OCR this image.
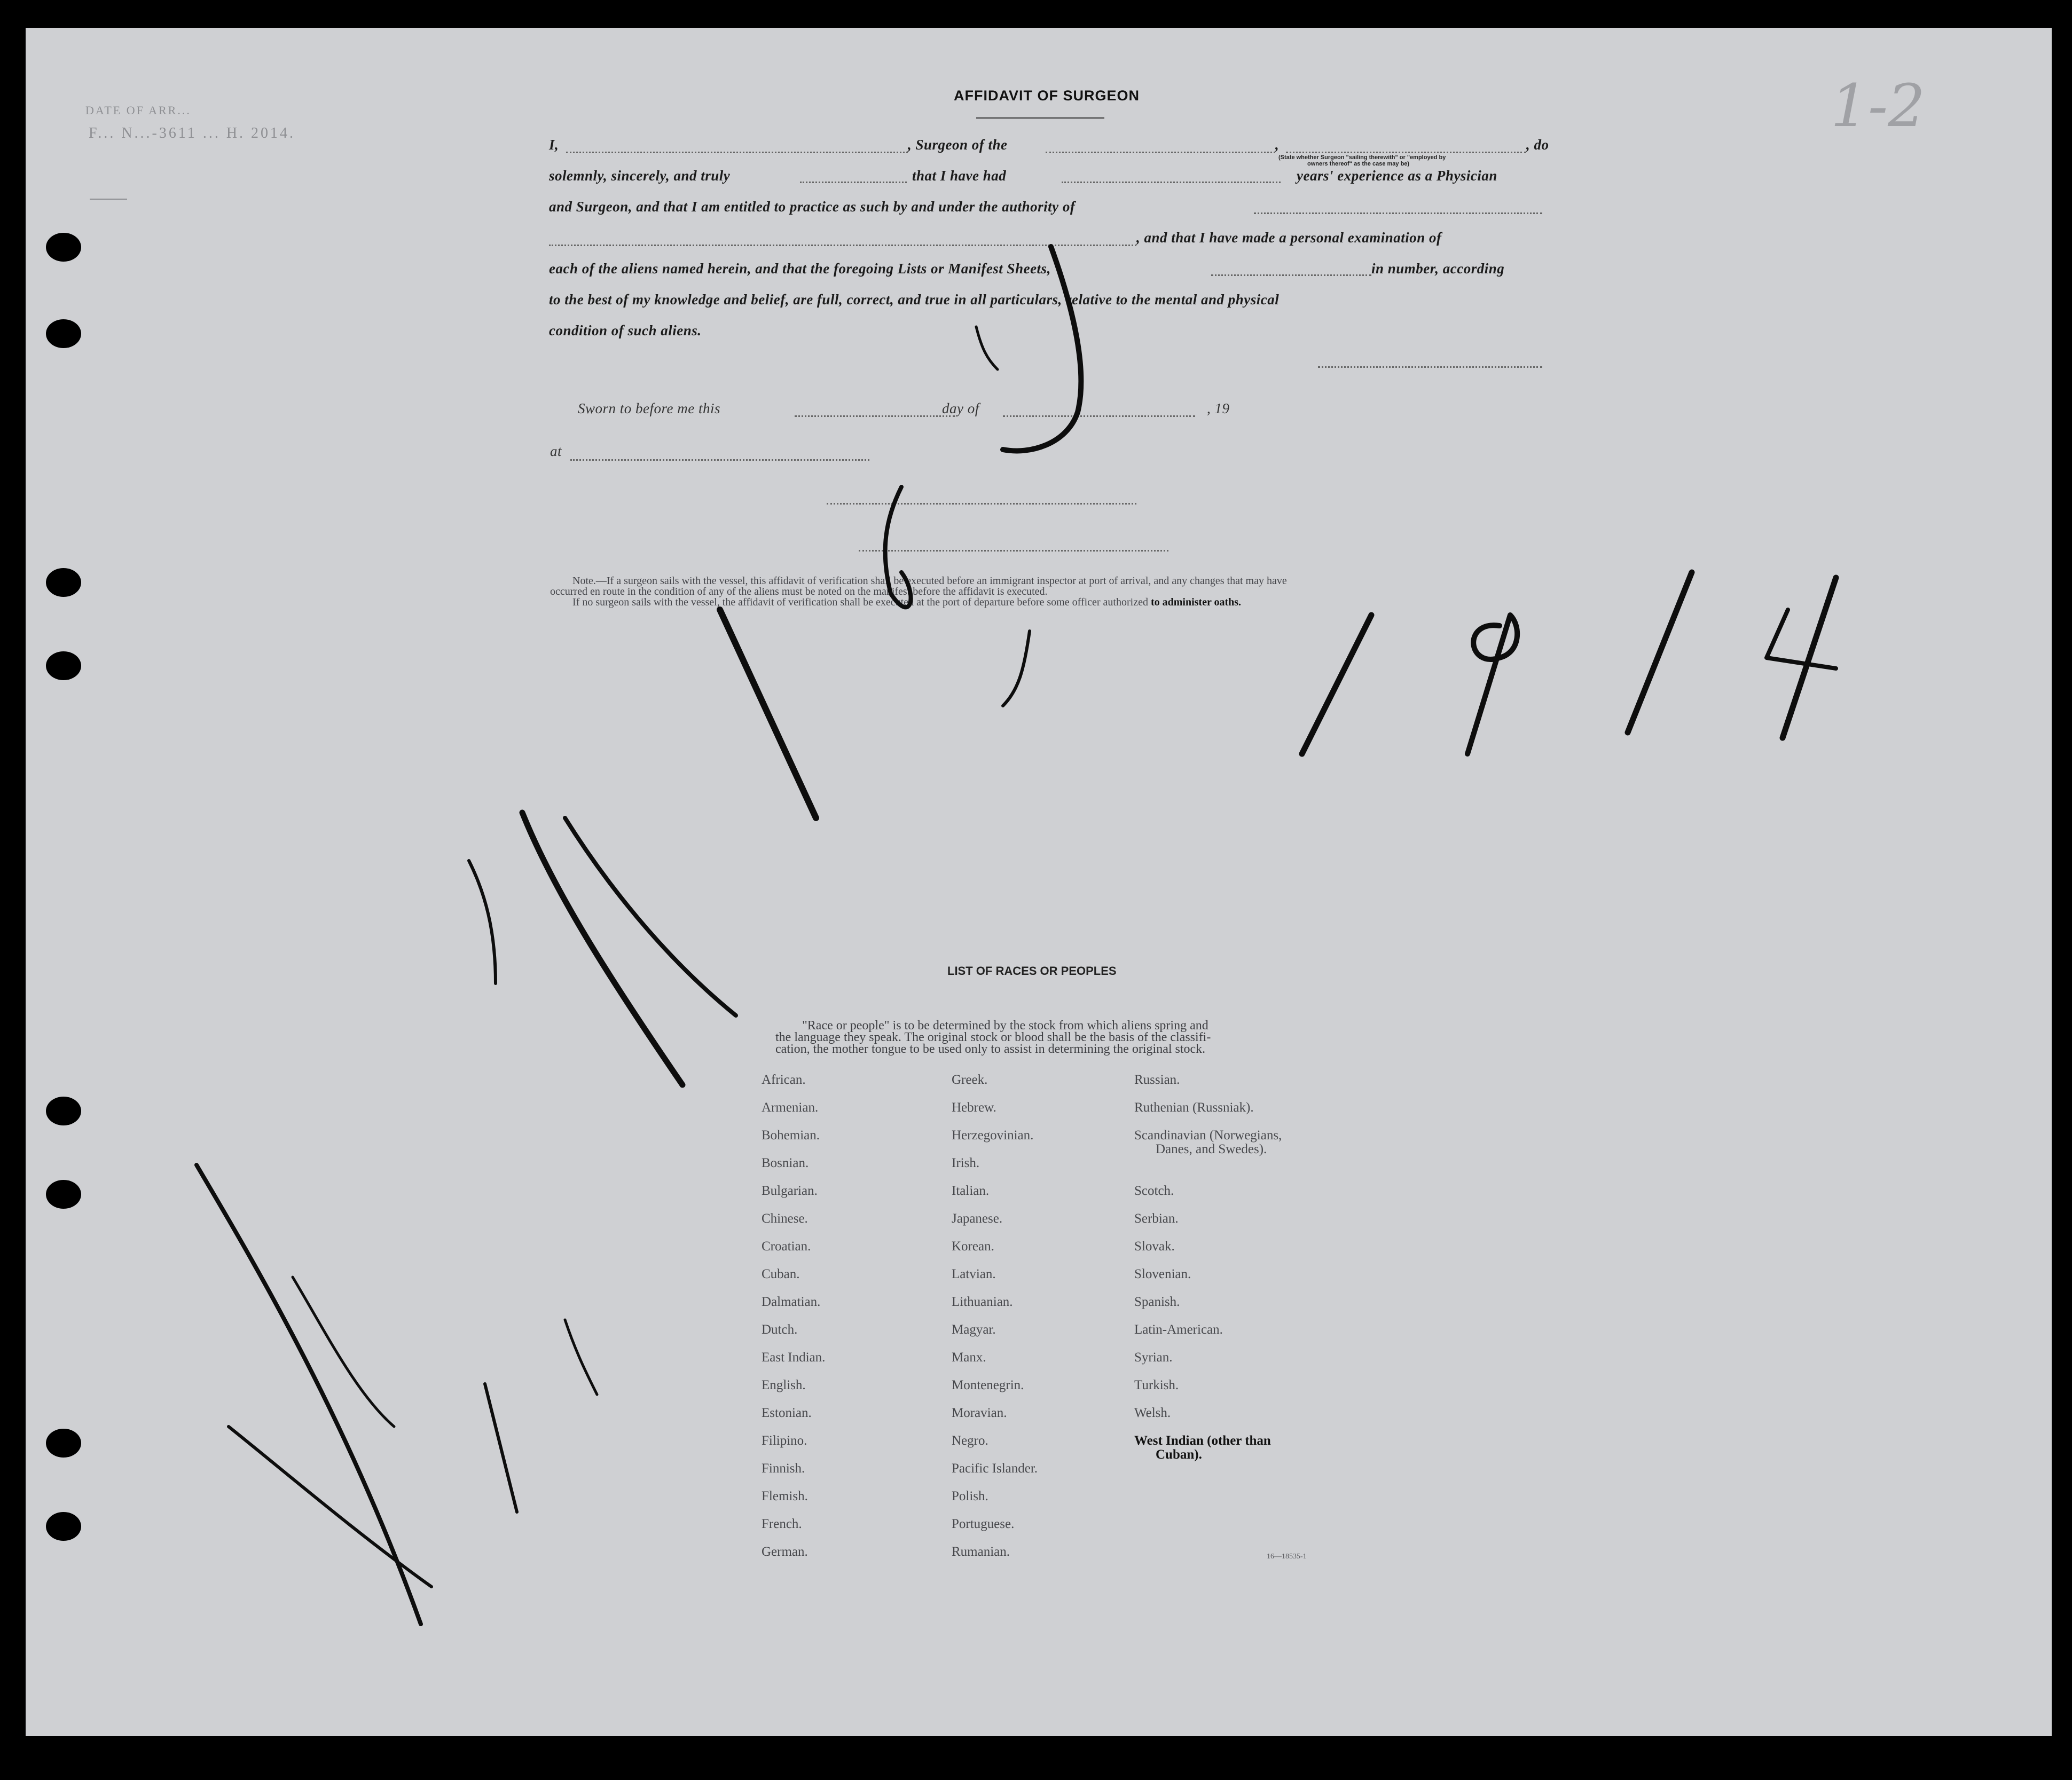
DATE OF ARR...
F... N...-3611 ... H. 2014.	1-2
AFFIDAVIT OF SURGEON
I,	, Surgeon of the	,	, do
(State whether Surgeon "sailing therewith" or "employed by
owners thereof" as the case may be)
solemnly, sincerely, and truly	that I have had	years' experience as a Physician
and Surgeon, and that I am entitled to practice as such by and under the authority of
, and that I have made a personal examination of
each of the aliens named herein, and that the foregoing Lists or Manifest Sheets,	in number, according
to the best of my knowledge and belief, are full, correct, and true in all particulars, relative to the mental and physical
condition of such aliens.
Sworn to before me this	day of	, 19
at
Note.—If a surgeon sails with the vessel, this affidavit of verification shall be executed before an immigrant inspector at port of arrival, and any changes that may have
occurred en route in the condition of any of the aliens must be noted on the manifest before the affidavit is executed.
If no surgeon sails with the vessel, the affidavit of verification shall be executed at the port of departure before some officer authorized to administer oaths.
LIST OF RACES OR PEOPLES
"Race or people" is to be determined by the stock from which aliens spring and
the language they speak. The original stock or blood shall be the basis of the classifi-
cation, the mother tongue to be used only to assist in determining the original stock.
African.
Armenian.
Bohemian.
Bosnian.
Bulgarian.
Chinese.
Croatian.
Cuban.
Dalmatian.
Dutch.
East Indian.
English.
Estonian.
Filipino.
Finnish.
Flemish.
French.
German.
Greek.
Hebrew.
Herzegovinian.
Irish.
Italian.
Japanese.
Korean.
Latvian.
Lithuanian.
Magyar.
Manx.
Montenegrin.
Moravian.
Negro.
Pacific Islander.
Polish.
Portuguese.
Rumanian.
Russian.
Ruthenian (Russniak).
Scandinavian (Norwegians,
Danes, and Swedes).
Scotch.
Serbian.
Slovak.
Slovenian.
Spanish.
Latin-American.
Syrian.
Turkish.
Welsh.
West Indian (other than
Cuban).
16—18535-1
